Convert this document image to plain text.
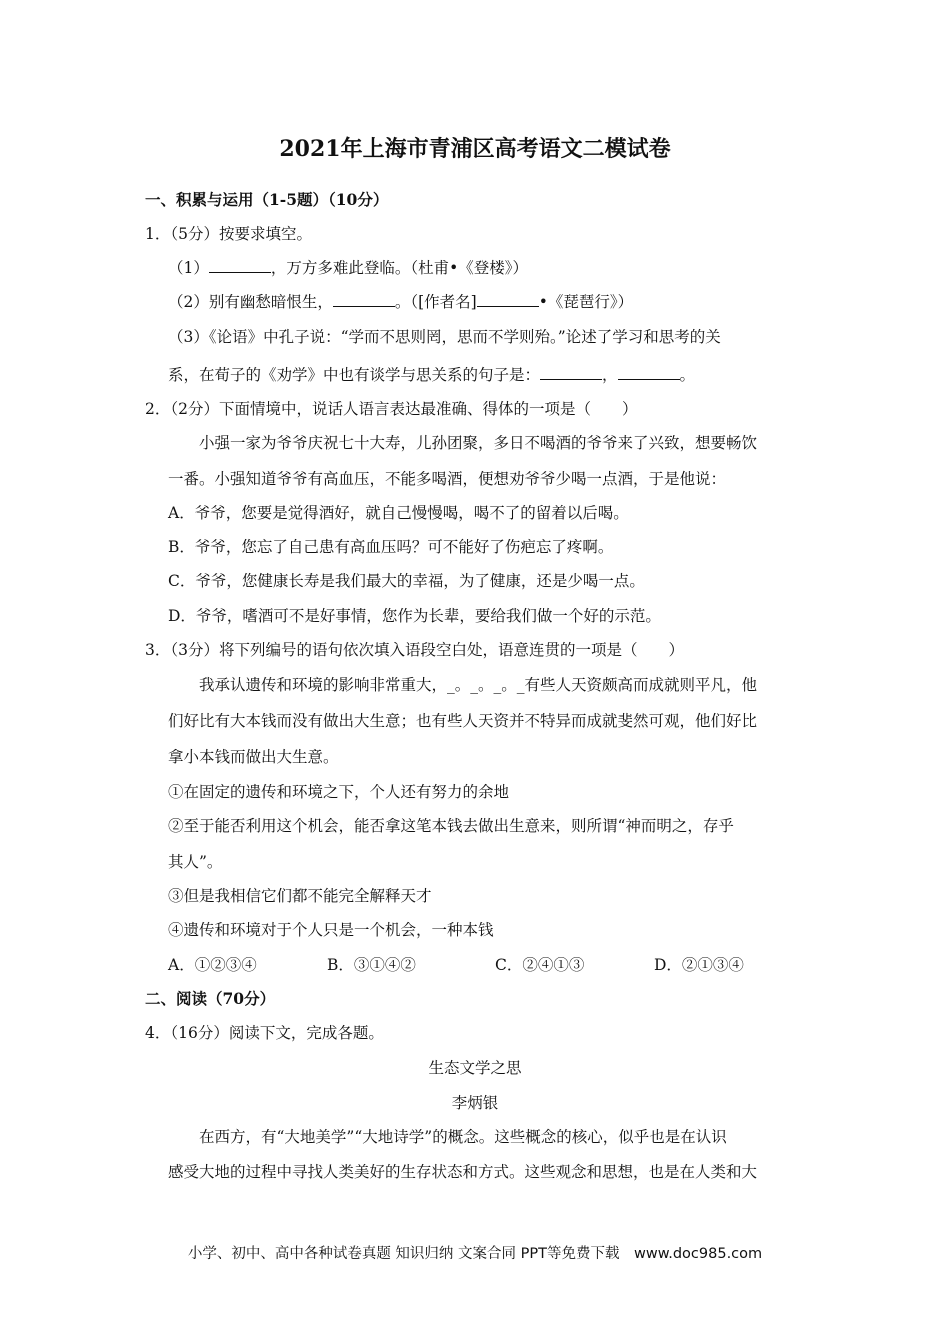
2021年上海市青浦区高考语文二模试卷
一、积累与运用（1-5题）（10分）
1．（5分）按要求填空。
（1）	，万方多难此登临。（杜甫•《登楼》）
（2）别有幽愁暗恨生，	。（[作者名]	•《琵琶行》）
（3）《论语》中孔子说：“学而不思则罔，思而不学则殆。”论述了学习和思考的关
系，在荀子的《劝学》中也有谈学与思关系的句子是：	，	。
2．（2分）下面情境中，说话人语言表达最准确、得体的一项是（　　）
小强一家为爷爷庆祝七十大寿，儿孙团聚，多日不喝酒的爷爷来了兴致，想要畅饮
一番。小强知道爷爷有高血压，不能多喝酒，便想劝爷爷少喝一点酒，于是他说：
A．爷爷，您要是觉得酒好，就自己慢慢喝，喝不了的留着以后喝。
B．爷爷，您忘了自己患有高血压吗？可不能好了伤疤忘了疼啊。
C．爷爷，您健康长寿是我们最大的幸福，为了健康，还是少喝一点。
D．爷爷，嗜酒可不是好事情，您作为长辈，要给我们做一个好的示范。
3．（3分）将下列编号的语句依次填入语段空白处，语意连贯的一项是（　　）
我承认遗传和环境的影响非常重大，_。_。_。_有些人天资颇高而成就则平凡，他
们好比有大本钱而没有做出大生意；也有些人天资并不特异而成就斐然可观，他们好比
拿小本钱而做出大生意。
①在固定的遗传和环境之下，个人还有努力的余地
②至于能否利用这个机会，能否拿这笔本钱去做出生意来，则所谓“神而明之，存乎
其人”。
③但是我相信它们都不能完全解释天才
④遗传和环境对于个人只是一个机会，一种本钱
A．①②③④	B．③①④②	C．②④①③	D．②①③④
二、阅读（70分）
4．（16分）阅读下文，完成各题。
生态文学之思
李炳银
在西方，有“大地美学”“大地诗学”的概念。这些概念的核心，似乎也是在认识
感受大地的过程中寻找人类美好的生存状态和方式。这些观念和思想，也是在人类和大
小学、初中、高中各种试卷真题 知识归纳 文案合同 PPT等免费下载　www.doc985.com
